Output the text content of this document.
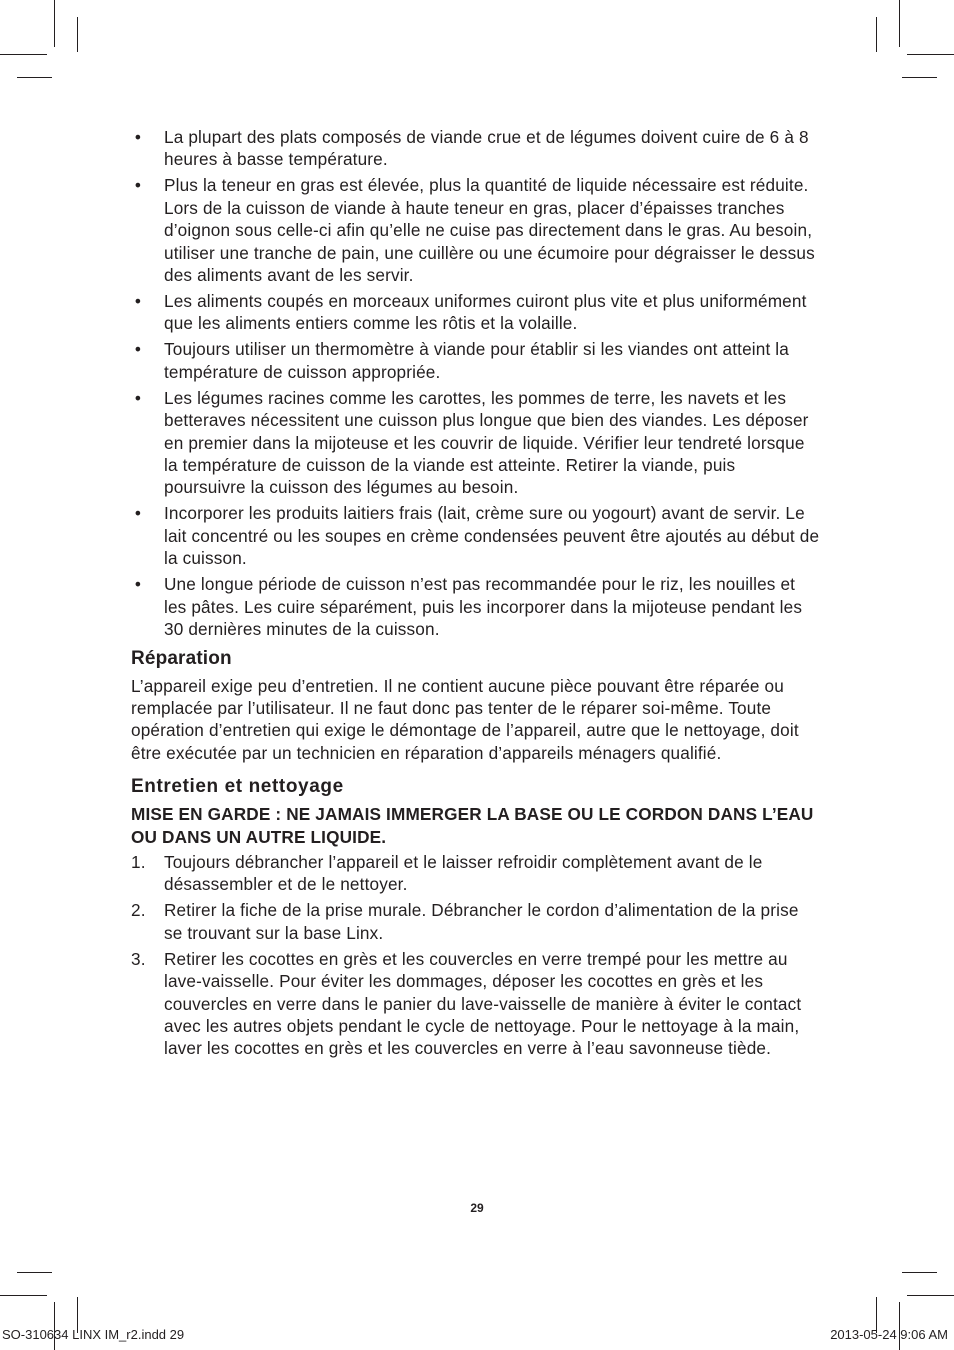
• La plupart des plats composés de viande crue et de légumes doivent cuire de 6 à 8 heures à basse température.
• Plus la teneur en gras est élevée, plus la quantité de liquide nécessaire est réduite. Lors de la cuisson de viande à haute teneur en gras, placer d’épaisses tranches d’oignon sous celle-ci afin qu’elle ne cuise pas directement dans le gras. Au besoin, utiliser une tranche de pain, une cuillère ou une écumoire pour dégraisser le dessus des aliments avant de les servir.
• Les aliments coupés en morceaux uniformes cuiront plus vite et plus uniformément que les aliments entiers comme les rôtis et la volaille.
• Toujours utiliser un thermomètre à viande pour établir si les viandes ont atteint la température de cuisson appropriée.
• Les légumes racines comme les carottes, les pommes de terre, les navets et les betteraves nécessitent une cuisson plus longue que bien des viandes. Les déposer en premier dans la mijoteuse et les couvrir de liquide. Vérifier leur tendreté lorsque la température de cuisson de la viande est atteinte. Retirer la viande, puis poursuivre la cuisson des légumes au besoin.
• Incorporer les produits laitiers frais (lait, crème sure ou yogourt) avant de servir. Le lait concentré ou les soupes en crème condensées peuvent être ajoutés au début de la cuisson.
• Une longue période de cuisson n’est pas recommandée pour le riz, les nouilles et les pâtes. Les cuire séparément, puis les incorporer dans la mijoteuse pendant les 30 dernières minutes de la cuisson.
Réparation

L’appareil exige peu d’entretien. Il ne contient aucune pièce pouvant être réparée ou remplacée par l’utilisateur. Il ne faut donc pas tenter de le réparer soi-même. Toute opération d’entretien qui exige le démontage de l’appareil, autre que le nettoyage, doit être exécutée par un technicien en réparation d’appareils ménagers qualifié.

Entretien et nettoyage

MISE EN GARDE : NE JAMAIS IMMERGER LA BASE OU LE CORDON DANS L’EAU OU DANS UN AUTRE LIQUIDE.

1. Toujours débrancher l’appareil et le laisser refroidir complètement avant de le désassembler et de le nettoyer.
2. Retirer la fiche de la prise murale. Débrancher le cordon d’alimentation de la prise se trouvant sur la base Linx.
3. Retirer les cocottes en grès et les couvercles en verre trempé pour les mettre au lave-vaisselle. Pour éviter les dommages, déposer les cocottes en grès et les couvercles en verre dans le panier du lave-vaisselle de manière à éviter le contact avec les autres objets pendant le cycle de nettoyage. Pour le nettoyage à la main, laver les cocottes en grès et les couvercles en verre à l’eau savonneuse tiède.
29
SO-310634 LINX IM_r2.indd 29	2013-05-24 9:06 AM
